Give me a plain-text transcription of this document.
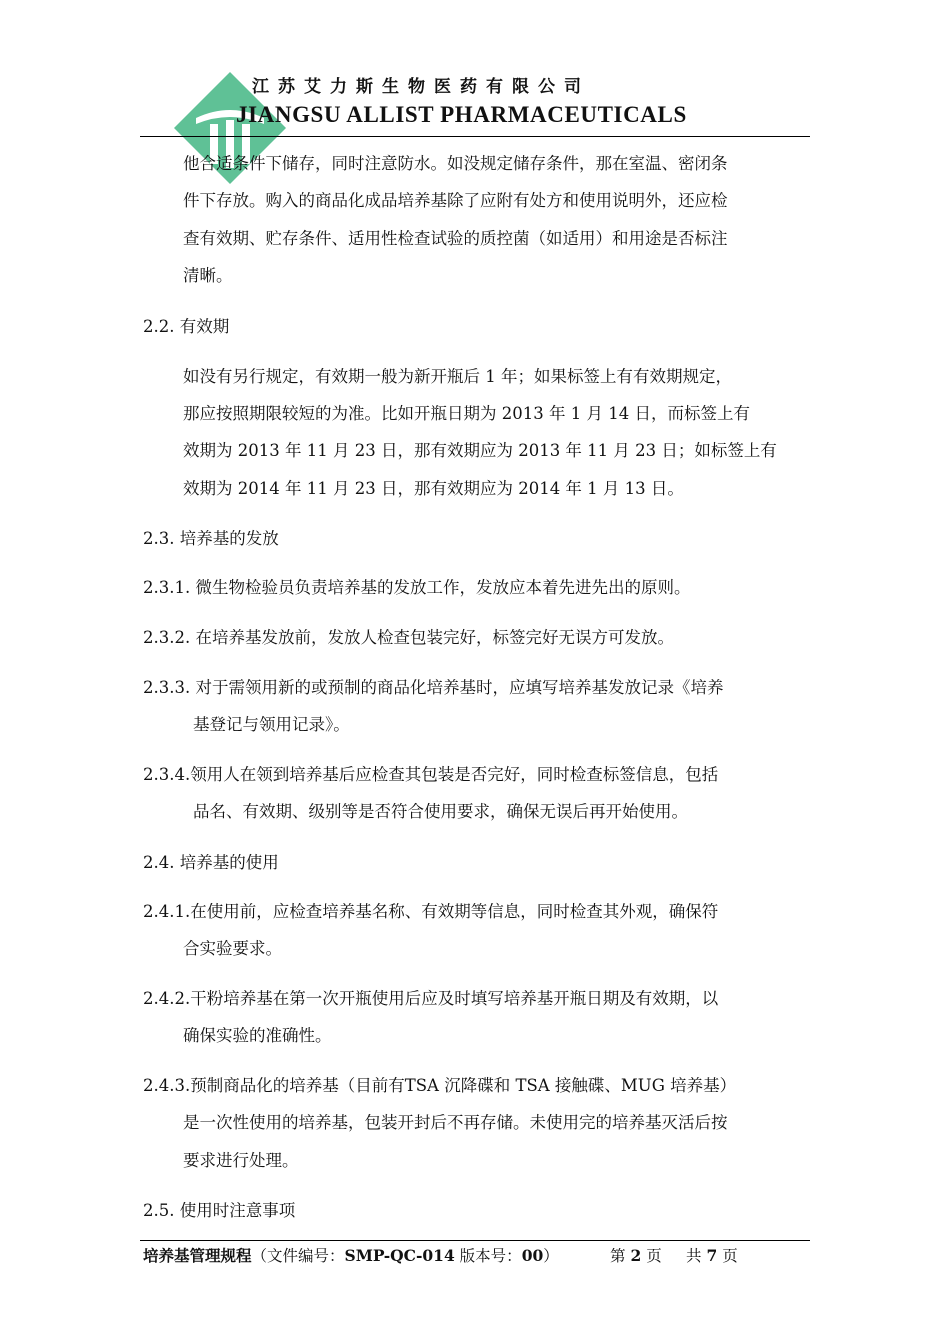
江苏艾力斯生物医药有限公司
JIANGSU ALLIST PHARMACEUTICALS
他合适条件下储存，同时注意防水。如没规定储存条件，那在室温、密闭条
件下存放。购入的商品化成品培养基除了应附有处方和使用说明外，还应检
查有效期、贮存条件、适用性检查试验的质控菌（如适用）和用途是否标注
清晰。
2.2. 有效期
如没有另行规定，有效期一般为新开瓶后 1 年；如果标签上有有效期规定，
那应按照期限较短的为准。比如开瓶日期为 2013 年 1 月 14 日，而标签上有
效期为 2013 年 11 月 23 日，那有效期应为 2013 年 11 月 23 日；如标签上有
效期为 2014 年 11 月 23 日，那有效期应为 2014 年 1 月 13 日。
2.3. 培养基的发放
2.3.1. 微生物检验员负责培养基的发放工作，发放应本着先进先出的原则。
2.3.2. 在培养基发放前，发放人检查包装完好，标签完好无误方可发放。
2.3.3. 对于需领用新的或预制的商品化培养基时，应填写培养基发放记录《培养
基登记与领用记录》。
2.3.4.领用人在领到培养基后应检查其包装是否完好，同时检查标签信息，包括
品名、有效期、级别等是否符合使用要求，确保无误后再开始使用。
2.4. 培养基的使用
2.4.1.在使用前，应检查培养基名称、有效期等信息，同时检查其外观，确保符
合实验要求。
2.4.2.干粉培养基在第一次开瓶使用后应及时填写培养基开瓶日期及有效期，以
确保实验的准确性。
2.4.3.预制商品化的培养基（目前有TSA 沉降碟和 TSA 接触碟、MUG 培养基）
是一次性使用的培养基，包装开封后不再存储。未使用完的培养基灭活后按
要求进行处理。
2.5. 使用时注意事项
培养基管理规程（文件编号：SMP-QC-014 版本号：00）	第 2 页 共 7 页
